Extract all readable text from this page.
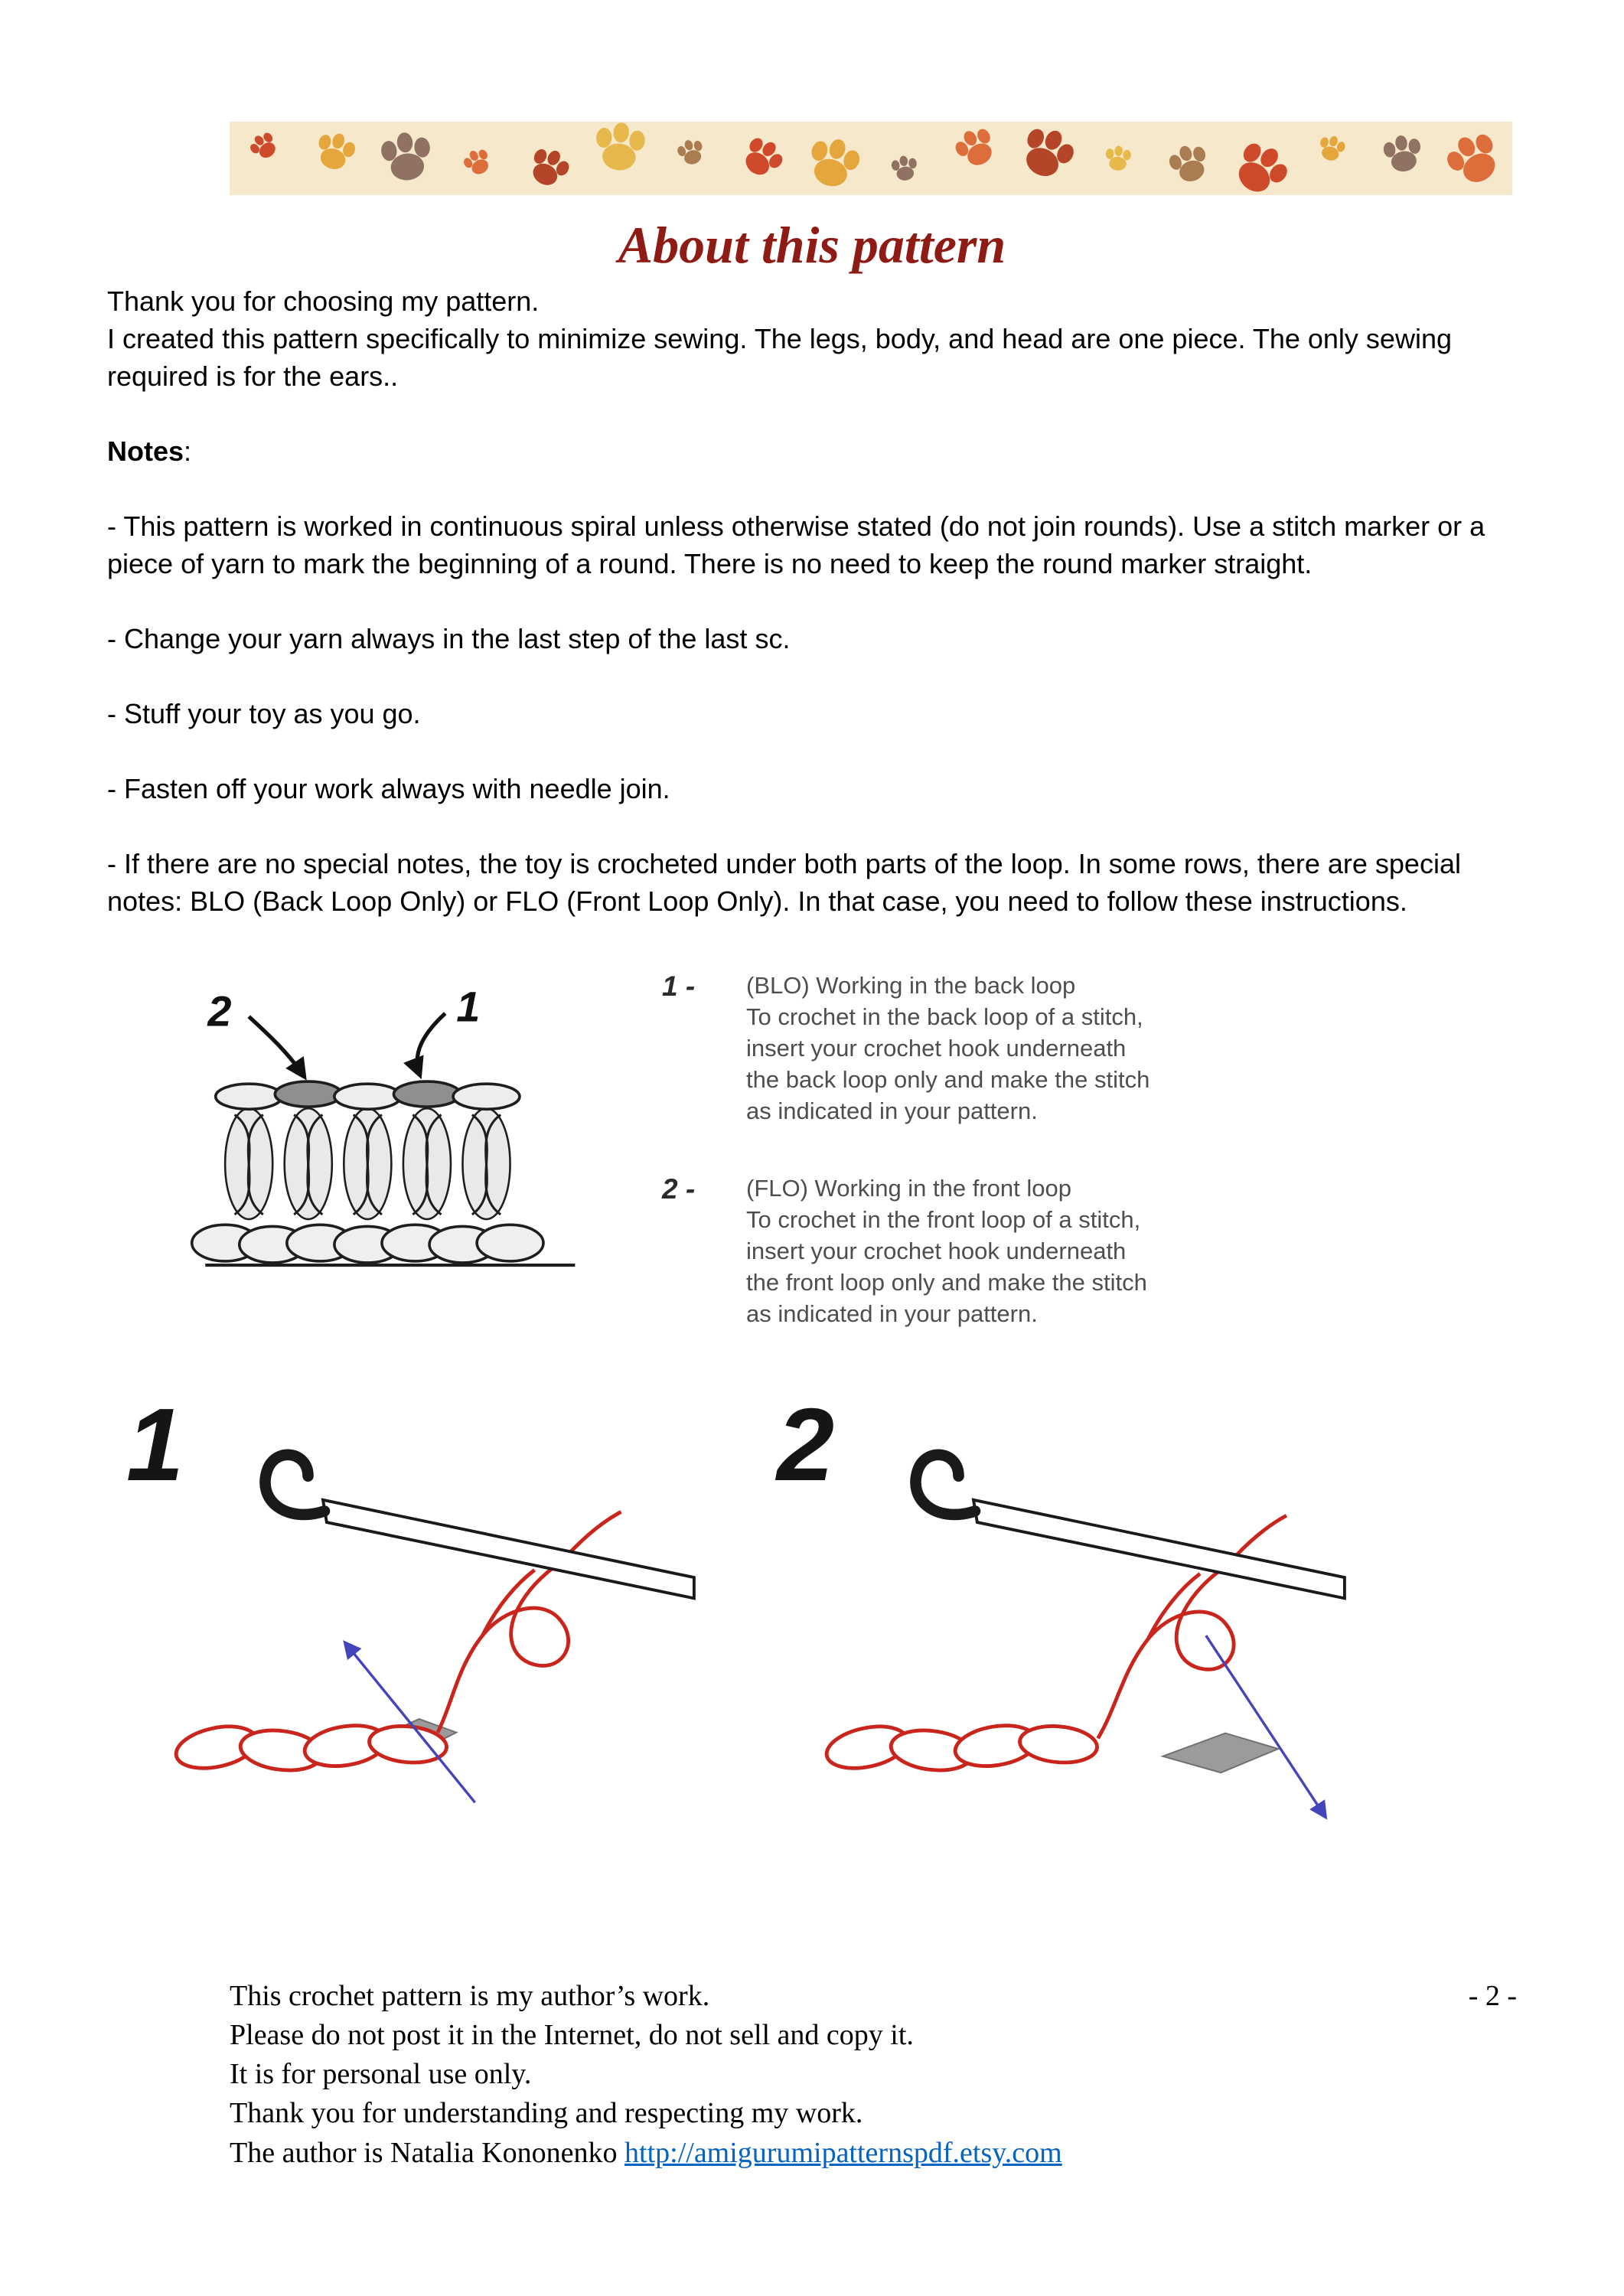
About this pattern

Thank you for choosing my pattern.

I created this pattern specifically to minimize sewing. The legs, body, and head are one piece. The only sewing required is for the ears..

Notes:

- This pattern is worked in continuous spiral unless otherwise stated (do not join rounds). Use a stitch marker or a piece of yarn to mark the beginning of a round. There is no need to keep the round marker straight.

- Change your yarn always in the last step of the last sc.

- Stuff your toy as you go.

- Fasten off your work always with needle join.

- If there are no special notes, the toy is crocheted under both parts of the loop. In some rows, there are special notes: BLO (Back Loop Only) or FLO (Front Loop Only). In that case, you need to follow these instructions.

2	1	1 -	(BLO) Working in the back loop
To crochet in the back loop of a stitch,
insert your crochet hook underneath
the back loop only and make the stitch
as indicated in your pattern.
2 -	(FLO) Working in the front loop
To crochet in the front loop of a stitch,
insert your crochet hook underneath
the front loop only and make the stitch
as indicated in your pattern.
1	2
- 2 -
This crochet pattern is my author’s work.
Please do not post it in the Internet, do not sell and copy it.
It is for personal use only.
Thank you for understanding and respecting my work.
The author is Natalia Kononenko http://amigurumipatternspdf.etsy.com
